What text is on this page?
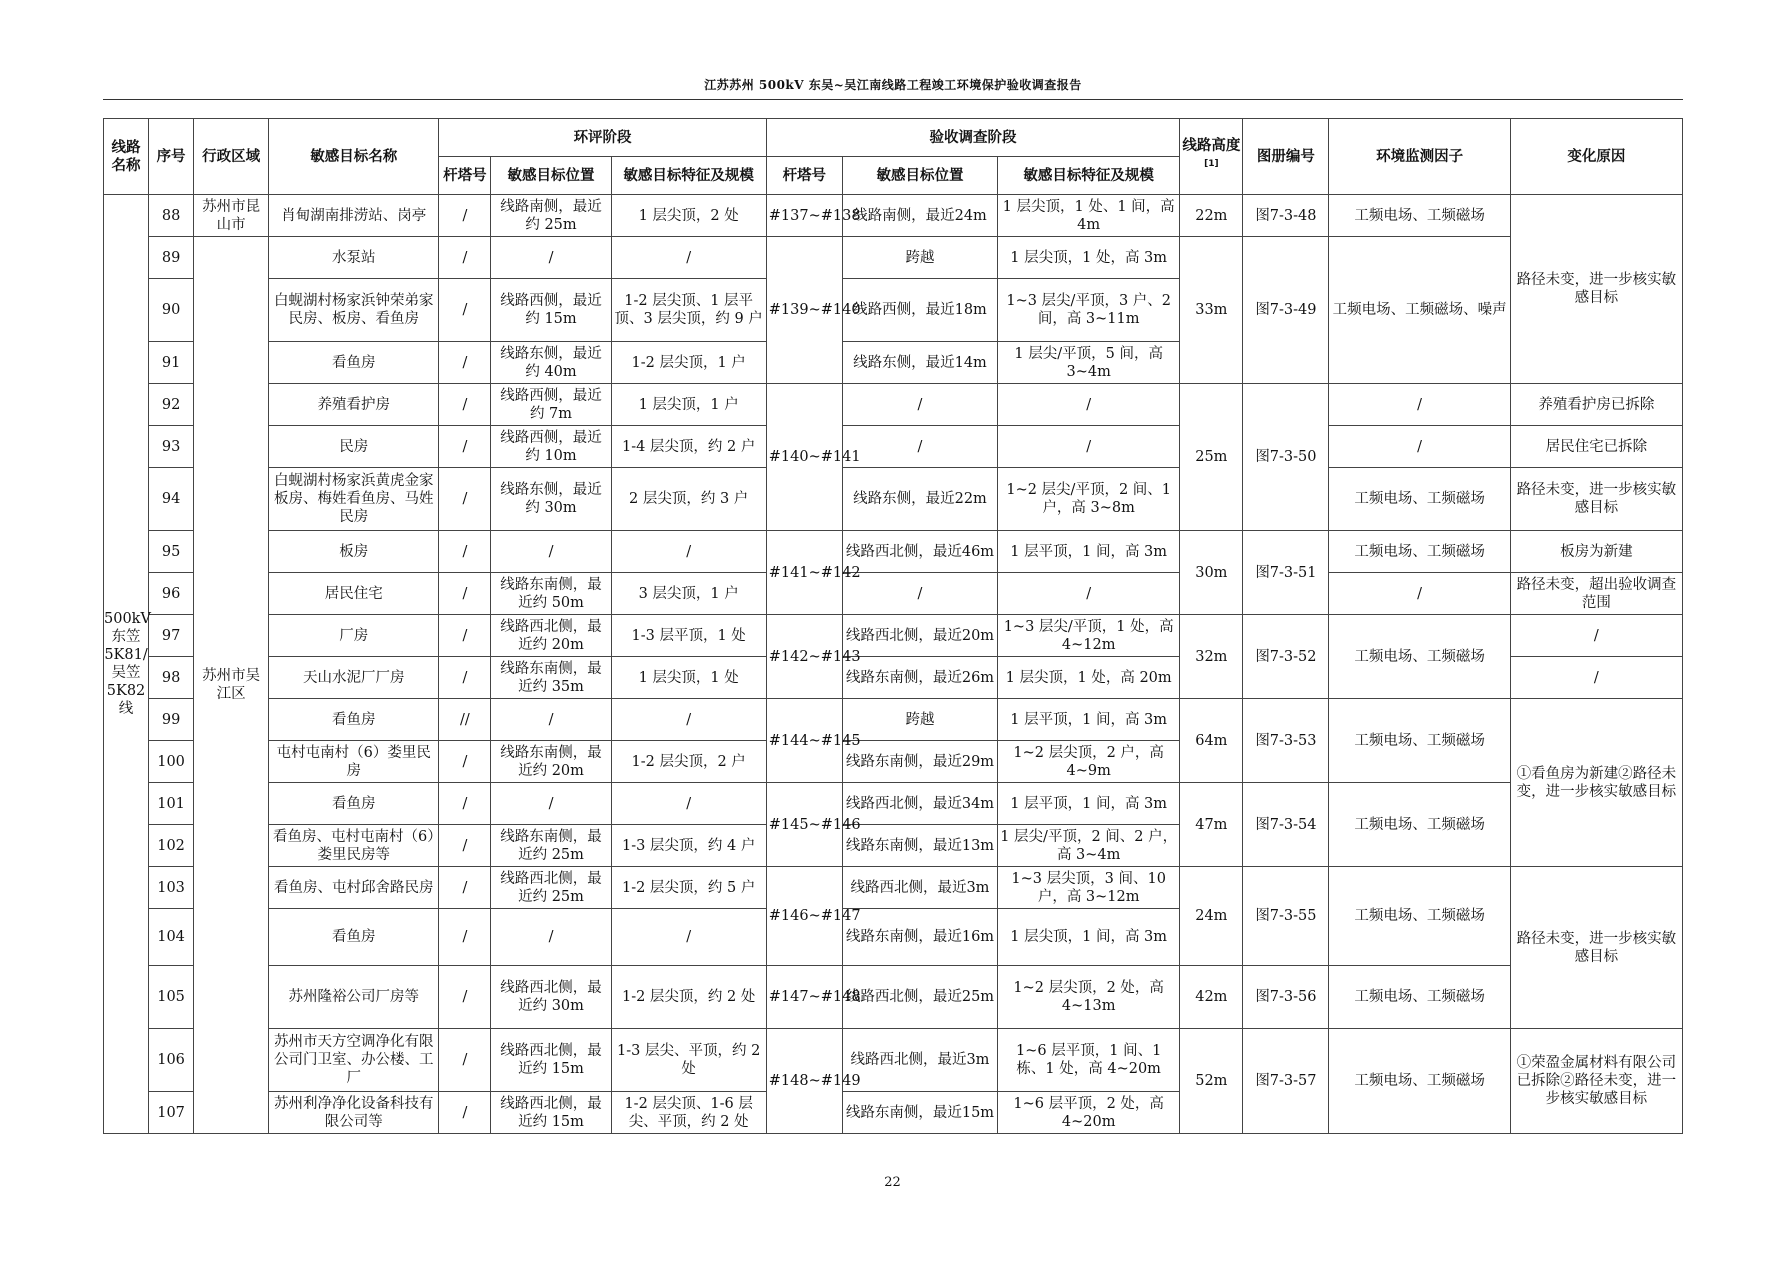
江苏苏州 500kV 东吴~吴江南线路工程竣工环境保护验收调查报告
线路名称	序号	行政区域	敏感目标名称	环评阶段			验收调查阶段			线路高度[1]	图册编号	环境监测因子	变化原因
				杆塔号	敏感目标位置	敏感目标特征及规模	杆塔号	敏感目标位置	敏感目标特征及规模				
500kV东笠5K81/吴笠5K82线	88	苏州市昆山市	肖甸湖南排涝站、岗亭	/	线路南侧，最近约 25m	1 层尖顶，2 处	#137~#138	线路南侧，最近24m	1 层尖顶，1 处、1 间，高 4m	22m	图7-3-48	工频电场、工频磁场	路径未变，进一步核实敏感目标
	89	苏州市吴江区	水泵站	/	/	/	#139~#140	跨越	1 层尖顶，1 处，高 3m	33m	图7-3-49	工频电场、工频磁场、噪声	
	90		白蚬湖村杨家浜钟荣弟家民房、板房、看鱼房	/	线路西侧，最近约 15m	1-2 层尖顶、1 层平顶、3 层尖顶，约 9 户		线路西侧，最近18m	1~3 层尖/平顶，3 户、2 间，高 3~11m				
	91		看鱼房	/	线路东侧，最近约 40m	1-2 层尖顶，1 户		线路东侧，最近14m	1 层尖/平顶，5 间，高 3~4m				
	92		养殖看护房	/	线路西侧，最近约 7m	1 层尖顶，1 户	#140~#141	/	/	25m	图7-3-50	/	养殖看护房已拆除
	93		民房	/	线路西侧，最近约 10m	1-4 层尖顶，约 2 户		/	/			/	居民住宅已拆除
	94		白蚬湖村杨家浜黄虎金家板房、梅姓看鱼房、马姓民房	/	线路东侧，最近约 30m	2 层尖顶，约 3 户		线路东侧，最近22m	1~2 层尖/平顶，2 间、1 户，高 3~8m			工频电场、工频磁场	路径未变，进一步核实敏感目标
	95		板房	/	/	/	#141~#142	线路西北侧，最近46m	1 层平顶，1 间，高 3m	30m	图7-3-51	工频电场、工频磁场	板房为新建
	96		居民住宅	/	线路东南侧，最近约 50m	3 层尖顶，1 户		/	/			/	路径未变，超出验收调查范围
	97		厂房	/	线路西北侧，最近约 20m	1-3 层平顶，1 处	#142~#143	线路西北侧，最近20m	1~3 层尖/平顶，1 处，高 4~12m	32m	图7-3-52	工频电场、工频磁场	/
	98		天山水泥厂厂房	/	线路东南侧，最近约 35m	1 层尖顶，1 处		线路东南侧，最近26m	1 层尖顶，1 处，高 20m				/
	99		看鱼房	//	/	/	#144~#145	跨越	1 层平顶，1 间，高 3m	64m	图7-3-53	工频电场、工频磁场	①看鱼房为新建②路径未变，进一步核实敏感目标
	100		屯村屯南村（6）娄里民房	/	线路东南侧，最近约 20m	1-2 层尖顶，2 户		线路东南侧，最近29m	1~2 层尖顶，2 户，高 4~9m				
	101		看鱼房	/	/	/	#145~#146	线路西北侧，最近34m	1 层平顶，1 间，高 3m	47m	图7-3-54	工频电场、工频磁场	
	102		看鱼房、屯村屯南村（6）娄里民房等	/	线路东南侧，最近约 25m	1-3 层尖顶，约 4 户		线路东南侧，最近13m	1 层尖/平顶，2 间、2 户，高 3~4m				
	103		看鱼房、屯村邱舍路民房	/	线路西北侧，最近约 25m	1-2 层尖顶，约 5 户	#146~#147	线路西北侧，最近3m	1~3 层尖顶，3 间、10 户，高 3~12m	24m	图7-3-55	工频电场、工频磁场	路径未变，进一步核实敏感目标
	104		看鱼房	/	/	/		线路东南侧，最近16m	1 层尖顶，1 间，高 3m				
	105		苏州隆裕公司厂房等	/	线路西北侧，最近约 30m	1-2 层尖顶，约 2 处	#147~#148	线路西北侧，最近25m	1~2 层尖顶，2 处，高 4~13m	42m	图7-3-56	工频电场、工频磁场	
	106		苏州市天方空调净化有限公司门卫室、办公楼、工厂	/	线路西北侧，最近约 15m	1-3 层尖、平顶，约 2 处	#148~#149	线路西北侧，最近3m	1~6 层平顶，1 间、1 栋、1 处，高 4~20m	52m	图7-3-57	工频电场、工频磁场	①荣盈金属材料有限公司已拆除②路径未变，进一步核实敏感目标
	107		苏州利净净化设备科技有限公司等	/	线路西北侧，最近约 15m	1-2 层尖顶、1-6 层尖、平顶，约 2 处		线路东南侧，最近15m	1~6 层平顶，2 处，高 4~20m				
22
